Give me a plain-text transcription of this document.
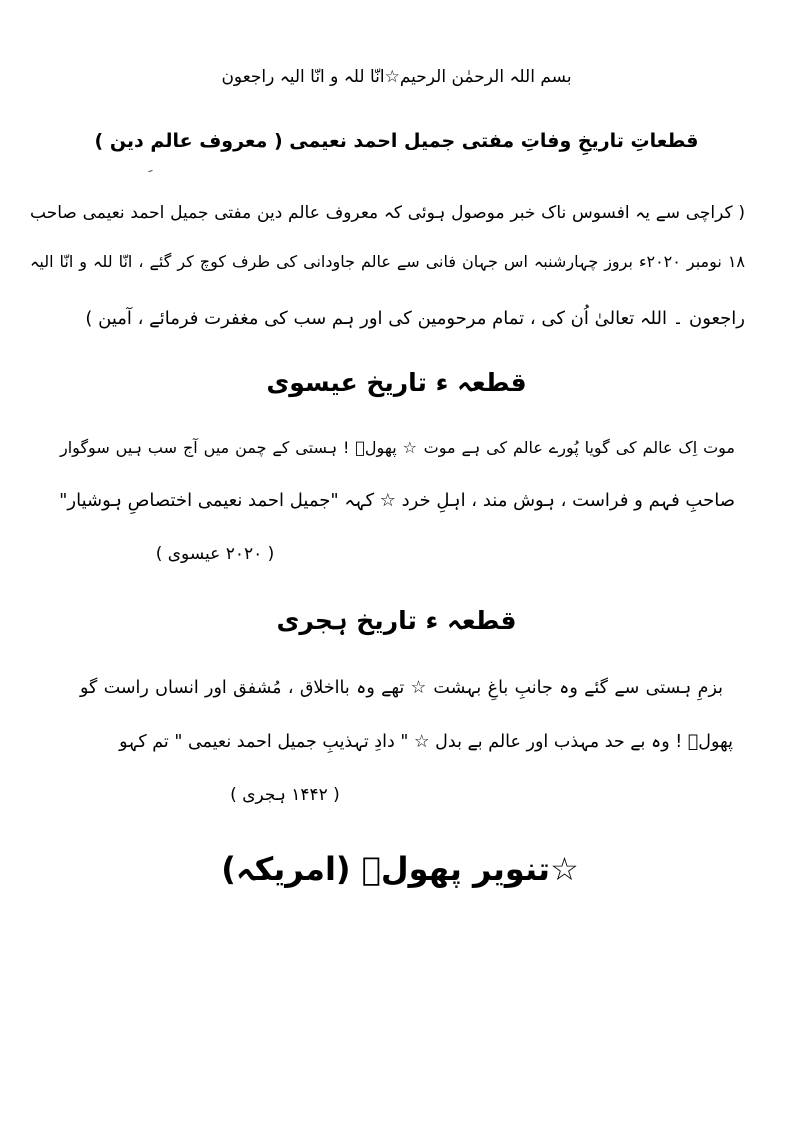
بسم اللہ الرحمٰن الرحیم☆انّا للہ و انّا الیہ راجعون
قطعاتِ تاریخِ وفاتِ مفتی جمیل احمد نعیمی ( معروف عالم دین )
( کراچی سے یہ افسوس ناک خبر موصول ہوئی کہ معروف عالم دین مفتی جمیل احمد نعیمی صاحب
۱۸ نومبر ۲۰۲۰ء بروز چہارشنبہ اس جہان فانی سے عالم جاودانی کی طرف کوچ کر گئے ، انّا للہ و انّا الیہ
راجعون ۔ اللہ تعالیٰ اُن کی ، تمام مرحومین کی اور ہم سب کی مغفرت فرمائے ، آمین )
قطعہ ء تاریخ عیسوی
موت اِک عالم کی گویا پُورے عالم کی ہے موت ☆ پھولؔ ! ہستی کے چمن میں آج سب ہیں سوگوار
صاحبِ فہم و فراست ، ہوش مند ، اہلِ خرد ☆ کہہ "جمیل احمد نعیمی اختصاصِ ہوشیار"
( ۲۰۲۰ عیسوی )
قطعہ ء تاریخ ہجری
بزمِ ہستی سے گئے وہ جانبِ باغِ بہشت ☆ تھے وہ بااخلاق ، مُشفق اور انساں راست گو
پھولؔ ! وہ بے حد مہذب اور عالم بے بدل ☆ " دادِ تہذیبِ جمیل احمد نعیمی " تم کہو
( ۱۴۴۲ ہجری )
☆تنویر پھولؔ (امریکہ)
